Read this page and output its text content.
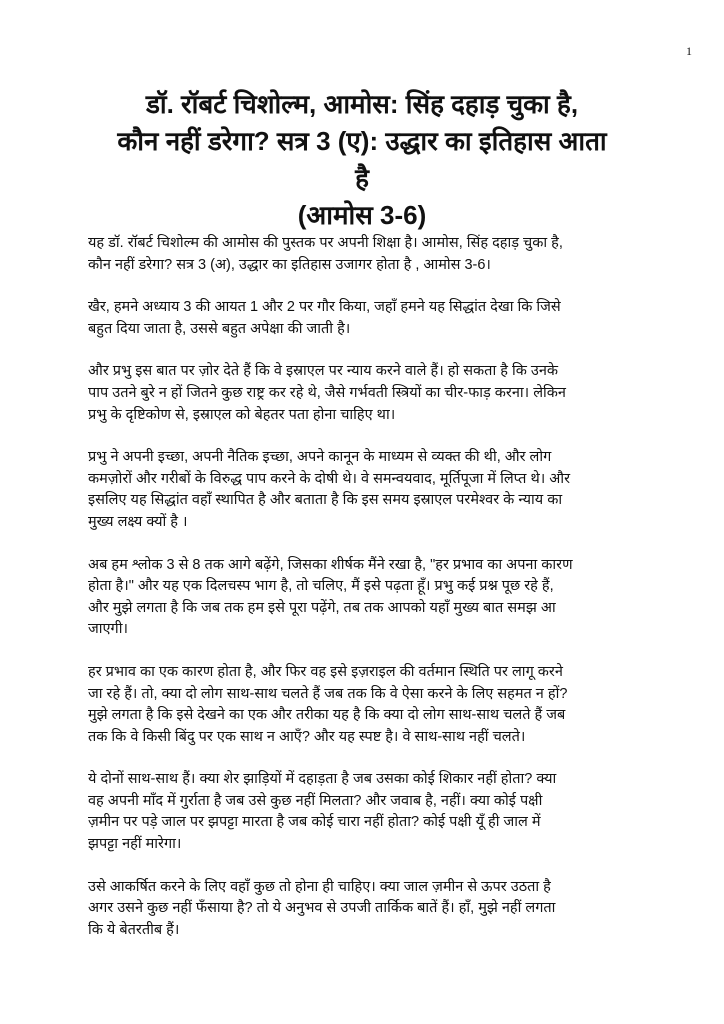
1
डॉ. रॉबर्ट चिशोल्म, आमोस: सिंह दहाड़ चुका है,
कौन नहीं डरेगा? सत्र 3 (ए): उद्धार का इतिहास आता
है
(आमोस 3-6)
यह डॉ. रॉबर्ट चिशोल्म की आमोस की पुस्तक पर अपनी शिक्षा है। आमोस, सिंह दहाड़ चुका है,
कौन नहीं डरेगा? सत्र 3 (अ), उद्धार का इतिहास उजागर होता है , आमोस 3-6।
खैर, हमने अध्याय 3 की आयत 1 और 2 पर गौर किया, जहाँ हमने यह सिद्धांत देखा कि जिसे
बहुत दिया जाता है, उससे बहुत अपेक्षा की जाती है।
और प्रभु इस बात पर ज़ोर देते हैं कि वे इस्राएल पर न्याय करने वाले हैं। हो सकता है कि उनके
पाप उतने बुरे न हों जितने कुछ राष्ट्र कर रहे थे, जैसे गर्भवती स्त्रियों का चीर-फाड़ करना। लेकिन
प्रभु के दृष्टिकोण से, इस्राएल को बेहतर पता होना चाहिए था।
प्रभु ने अपनी इच्छा, अपनी नैतिक इच्छा, अपने कानून के माध्यम से व्यक्त की थी, और लोग
कमज़ोरों और गरीबों के विरुद्ध पाप करने के दोषी थे। वे समन्वयवाद, मूर्तिपूजा में लिप्त थे। और
इसलिए यह सिद्धांत वहाँ स्थापित है और बताता है कि इस समय इस्राएल परमेश्वर के न्याय का
मुख्य लक्ष्य क्यों है ।
अब हम श्लोक 3 से 8 तक आगे बढ़ेंगे, जिसका शीर्षक मैंने रखा है, "हर प्रभाव का अपना कारण
होता है।" और यह एक दिलचस्प भाग है, तो चलिए, मैं इसे पढ़ता हूँ। प्रभु कई प्रश्न पूछ रहे हैं,
और मुझे लगता है कि जब तक हम इसे पूरा पढ़ेंगे, तब तक आपको यहाँ मुख्य बात समझ आ
जाएगी।
हर प्रभाव का एक कारण होता है, और फिर वह इसे इज़राइल की वर्तमान स्थिति पर लागू करने
जा रहे हैं। तो, क्या दो लोग साथ-साथ चलते हैं जब तक कि वे ऐसा करने के लिए सहमत न हों?
मुझे लगता है कि इसे देखने का एक और तरीका यह है कि क्या दो लोग साथ-साथ चलते हैं जब
तक कि वे किसी बिंदु पर एक साथ न आएँ? और यह स्पष्ट है। वे साथ-साथ नहीं चलते।
ये दोनों साथ-साथ हैं। क्या शेर झाड़ियों में दहाड़ता है जब उसका कोई शिकार नहीं होता? क्या
वह अपनी माँद में गुर्राता है जब उसे कुछ नहीं मिलता? और जवाब है, नहीं। क्या कोई पक्षी
ज़मीन पर पड़े जाल पर झपट्टा मारता है जब कोई चारा नहीं होता? कोई पक्षी यूँ ही जाल में
झपट्टा नहीं मारेगा।
उसे आकर्षित करने के लिए वहाँ कुछ तो होना ही चाहिए। क्या जाल ज़मीन से ऊपर उठता है
अगर उसने कुछ नहीं फँसाया है? तो ये अनुभव से उपजी तार्किक बातें हैं। हाँ, मुझे नहीं लगता
कि ये बेतरतीब हैं।
